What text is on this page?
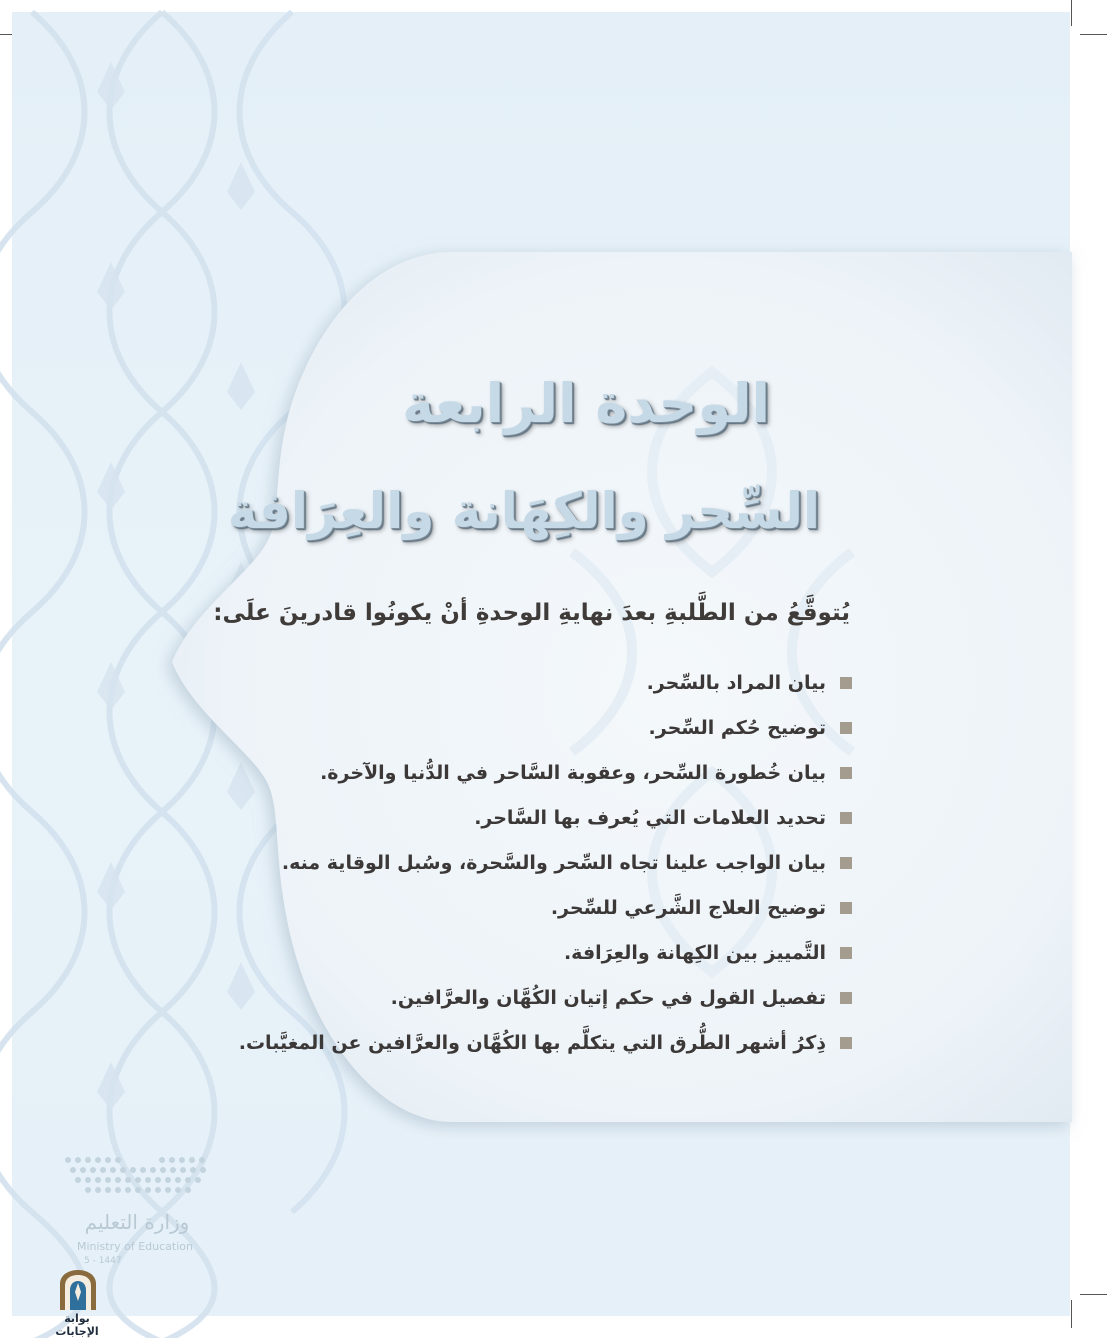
الوحدة الرابعة
السِّحر والكِهَانة والعِرَافة

يُتوقَّعُ من الطَّلبةِ بعدَ نهايةِ الوحدةِ أنْ يكونُوا قادرينَ علَى:

بيان المراد بالسِّحر.
توضيح حُكم السِّحر.
بيان خُطورة السِّحر، وعقوبة السَّاحر في الدُّنيا والآخرة.
تحديد العلامات التي يُعرف بها السَّاحر.
بيان الواجب علينا تجاه السِّحر والسَّحرة، وسُبل الوقاية منه.
توضيح العلاج الشَّرعي للسِّحر.
التَّمييز بين الكِهانة والعِرَافة.
تفصيل القول في حكم إتيان الكُهَّان والعرَّافين.
ذِكرُ أشهر الطُّرق التي يتكلَّم بها الكُهَّان والعرَّافين عن المغيَّبات.

وزارة التعليم

Ministry of Education

5 - 1447

بوابة الإجابات
